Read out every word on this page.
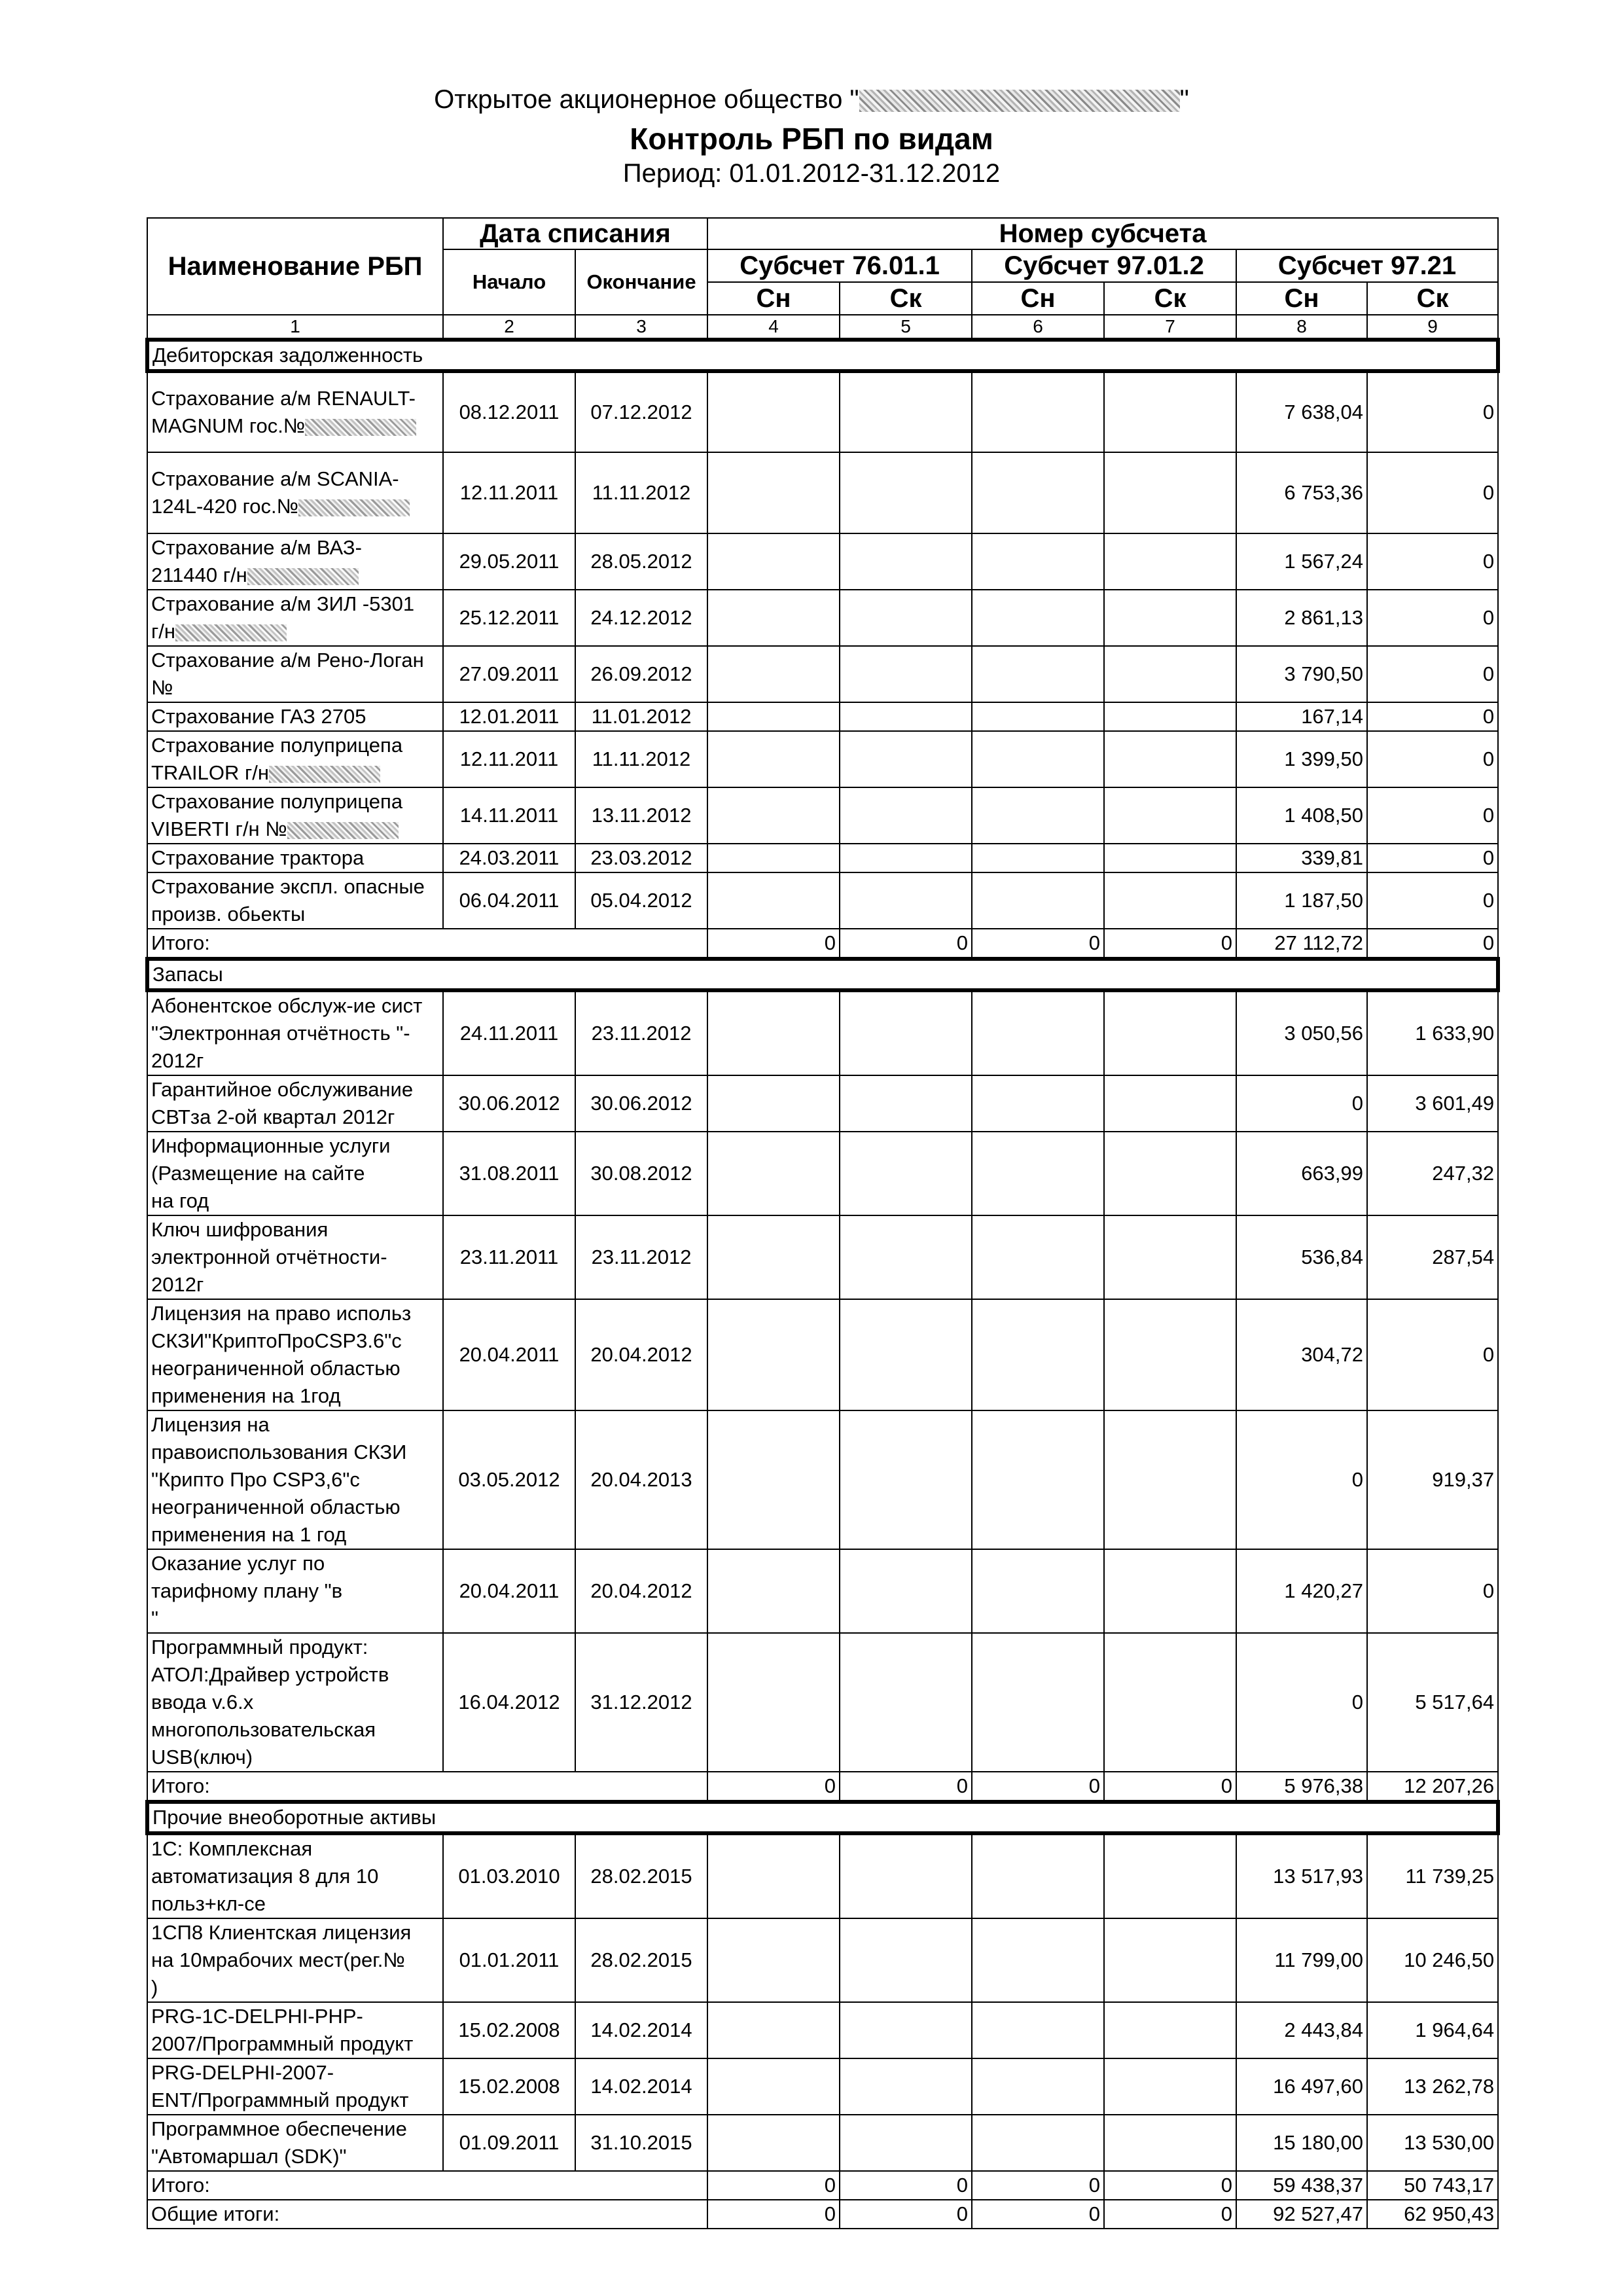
Открытое акционерное общество "	"
Контроль РБП по видам
Период: 01.01.2012-31.12.2012
Наименование РБП	Дата списания		Номер субсчета					
	Начало	Окончание	Субсчет 76.01.1		Субсчет 97.01.2		Субсчет 97.21	
			Сн	Ск	Сн	Ск	Сн	Ск
1	2	3	4	5	6	7	8	9
Дебиторская задолженность								

Страхование а/м RENAULT-
MAGNUM гос.№	08.12.2011	07.12.2012					7 638,04	0

Страхование а/м SCANIA-
124L-420 гос.№	12.11.2011	11.11.2012					6 753,36	0

Страхование а/м ВАЗ-
211440 г/н	29.05.2011	28.05.2012					1 567,24	0

Страхование а/м ЗИЛ -5301
г/н	25.12.2011	24.12.2012					2 861,13	0

Страхование а/м Рено-Логан
№	27.09.2011	26.09.2012					3 790,50	0

Страхование ГАЗ 2705	12.01.2011	11.01.2012					167,14	0

Страхование полуприцепа
TRAILOR г/н	12.11.2011	11.11.2012					1 399,50	0

Страхование полуприцепа
VIBERTI г/н №	14.11.2011	13.11.2012					1 408,50	0

Страхование трактора	24.03.2011	23.03.2012					339,81	0

Страхование экспл. опасные
произв. обьекты	06.04.2011	05.04.2012					1 187,50	0
Итого:			0	0	0	0	27 112,72	0
Запасы								

Абонентское обслуж-ие сист
"Электронная отчётность "-
2012г	24.11.2011	23.11.2012					3 050,56	1 633,90

Гарантийное обслуживание
СВТза 2-ой квартал 2012г	30.06.2012	30.06.2012					0	3 601,49

Информационные услуги
(Размещение на сайте
на год	31.08.2011	30.08.2012					663,99	247,32

Ключ шифрования
электронной отчётности-
2012г	23.11.2011	23.11.2012					536,84	287,54

Лицензия на право использ
СКЗИ"КриптоПроCSP3.6"с
неограниченной областью
применения на 1год	20.04.2011	20.04.2012					304,72	0

Лицензия на
правоиспользования СКЗИ
"Крипто Про CSP3,6"с
неограниченной областью
применения на 1 год	03.05.2012	20.04.2013					0	919,37

Оказание услуг по
тарифному плану "в
"	20.04.2011	20.04.2012					1 420,27	0

Программный продукт:
АТОЛ:Драйвер устройств
ввода v.6.x
многопользовательская
USB(ключ)	16.04.2012	31.12.2012					0	5 517,64
Итого:			0	0	0	0	5 976,38	12 207,26
Прочие внеоборотные активы								

1С: Комплексная
автоматизация 8 для 10
польз+кл-се	01.03.2010	28.02.2015					13 517,93	11 739,25

1СП8 Клиентская лицензия
на 10мрабочих мест(рег.№
)	01.01.2011	28.02.2015					11 799,00	10 246,50

PRG-1C-DELPHI-PHP-
2007/Программный продукт	15.02.2008	14.02.2014					2 443,84	1 964,64

PRG-DELPHI-2007-
ENT/Программный продукт	15.02.2008	14.02.2014					16 497,60	13 262,78

Программное обеспечение
"Автомаршал (SDK)"	01.09.2011	31.10.2015					15 180,00	13 530,00
Итого:			0	0	0	0	59 438,37	50 743,17
Общие итоги:			0	0	0	0	92 527,47	62 950,43
